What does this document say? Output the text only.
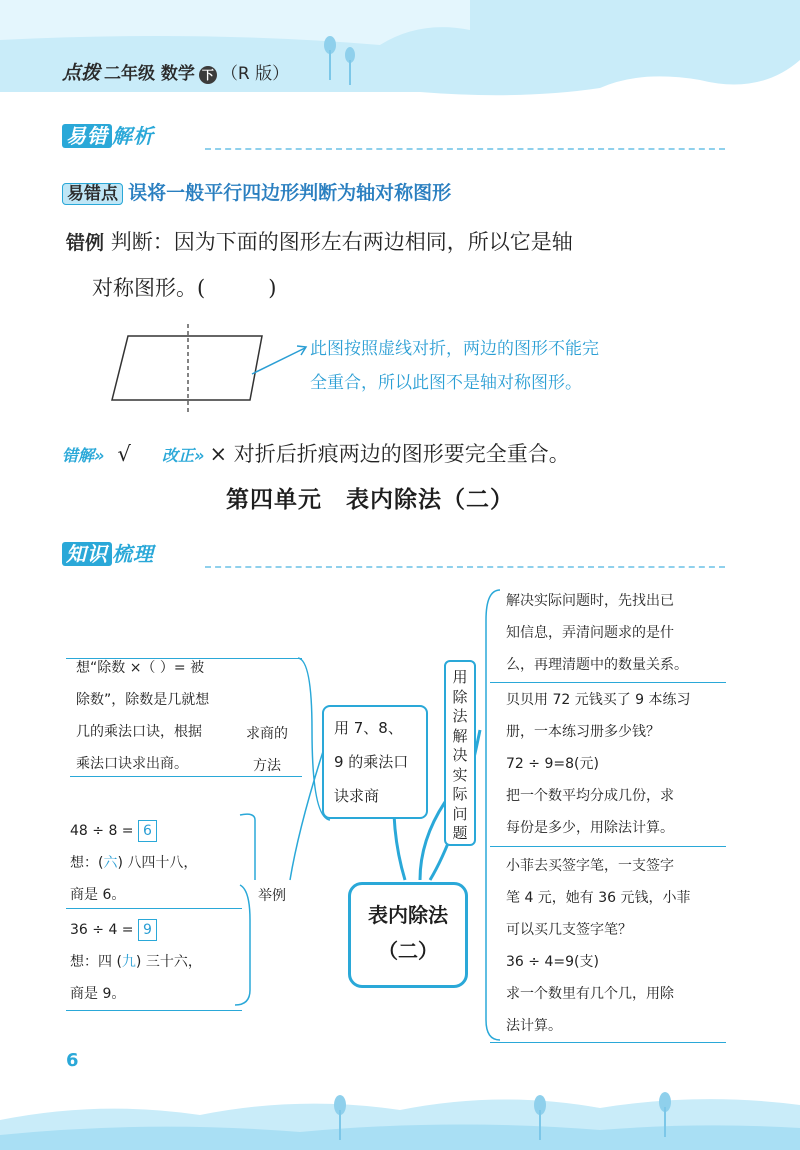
点拨 二年级 数学 下 （R 版）
易错 解析
易错点 误将一般平行四边形判断为轴对称图形
错例 判断：因为下面的图形左右两边相同，所以它是轴
对称图形。(　　　)
此图按照虚线对折，两边的图形不能完
全重合，所以此图不是轴对称图形。
错解» √ 改正» × 对折后折痕两边的图形要完全重合。
第四单元　表内除法（二）
知识 梳理
想“除数 ×（ ）= 被
除数”，除数是几就想
几的乘法口诀，根据
乘法口诀求出商。
求商的
方法
48 ÷ 8 = 6
想：(六) 八四十八，
商是 6。
36 ÷ 4 = 9
想：四 (九) 三十六，
商是 9。
举例
用 7、8、
9 的乘法口
诀求商
用
除
法
解
决
实
际
问
题
表内除法
（二）
解决实际问题时，先找出已
知信息，弄清问题求的是什
么，再理清题中的数量关系。
贝贝用 72 元钱买了 9 本练习
册，一本练习册多少钱？
72 ÷ 9=8(元)
把一个数平均分成几份，求
每份是多少，用除法计算。
小菲去买签字笔，一支签字
笔 4 元，她有 36 元钱，小菲
可以买几支签字笔？
36 ÷ 4=9(支)
求一个数里有几个几，用除
法计算。
6
